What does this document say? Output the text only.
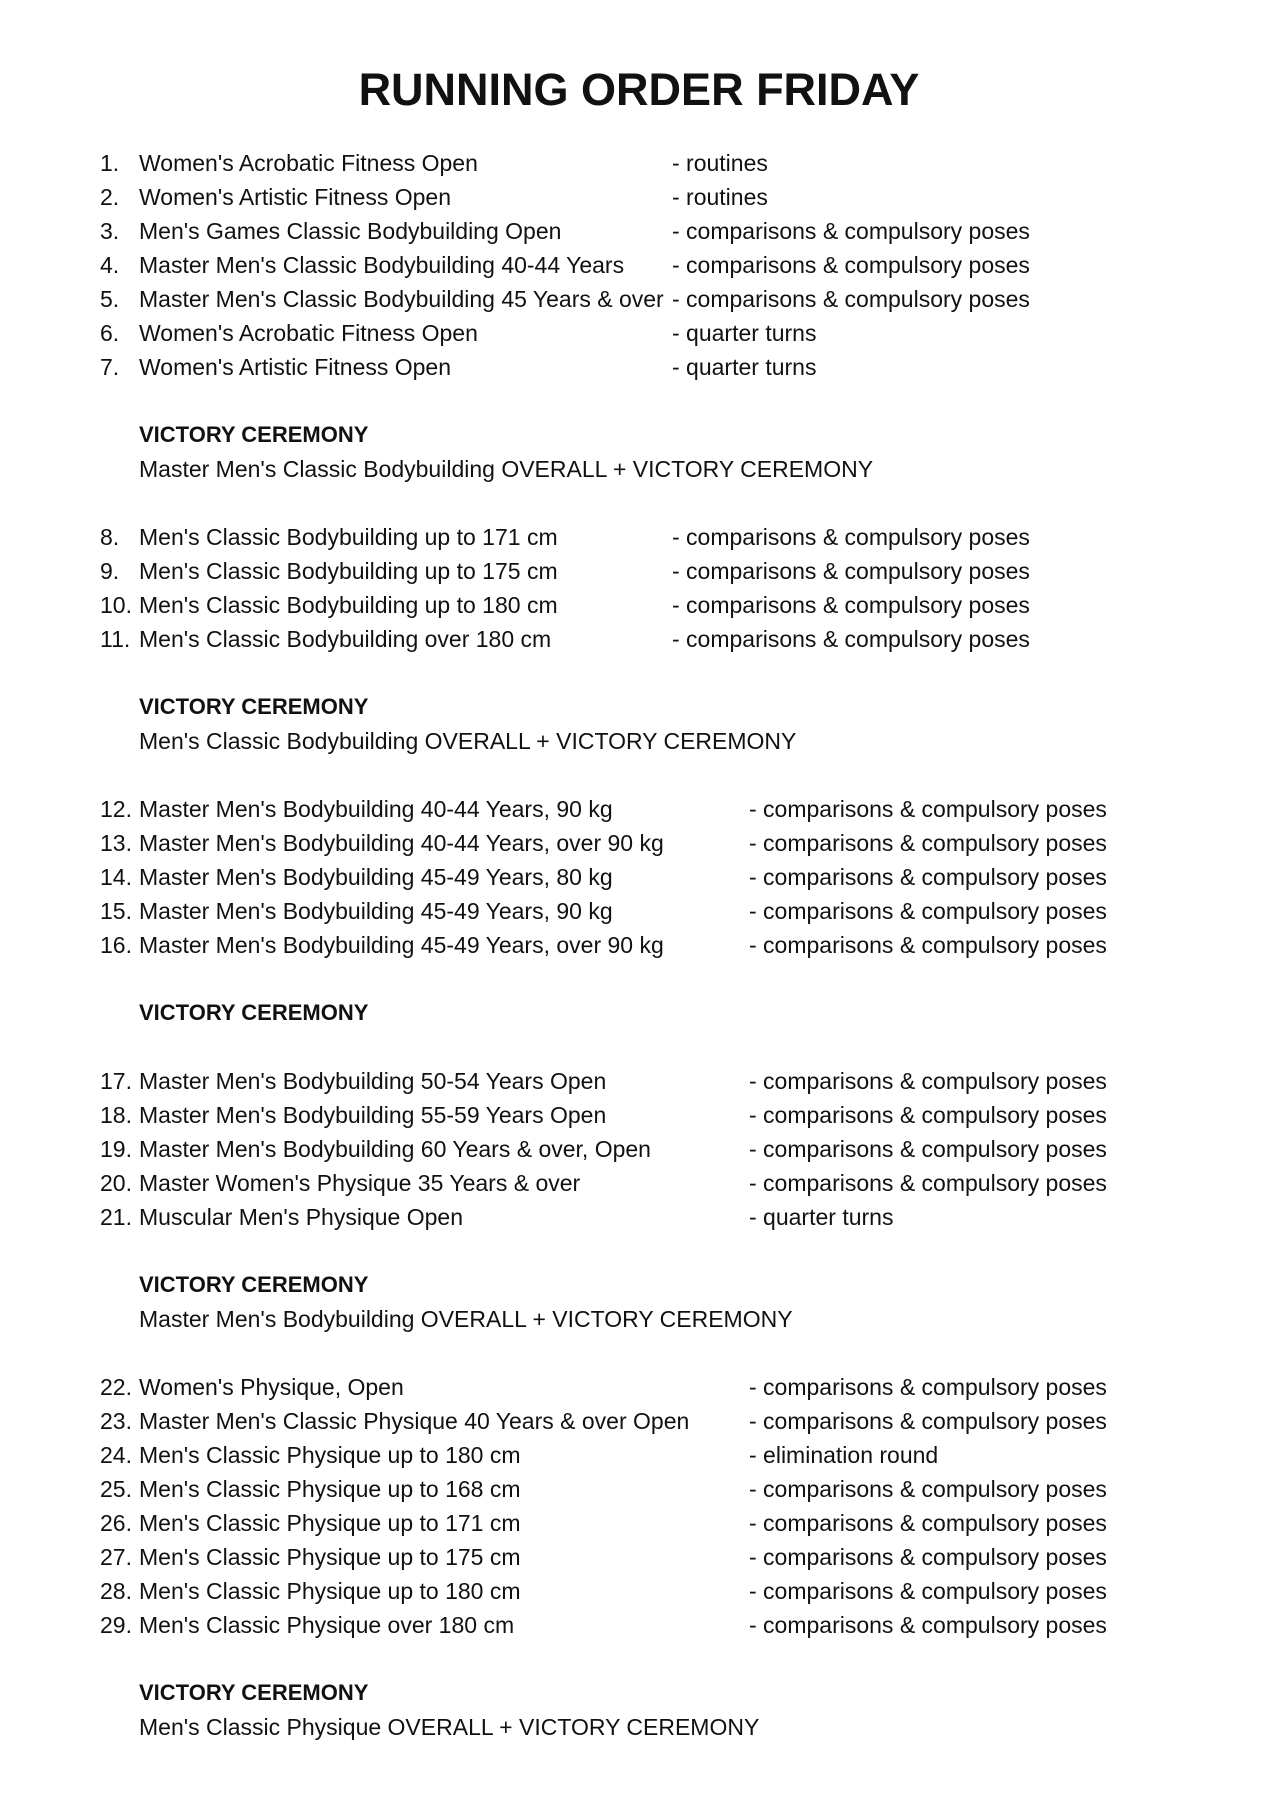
RUNNING ORDER FRIDAY
1. Women's Acrobatic Fitness Open	- routines
2. Women's Artistic Fitness Open	- routines
3. Men's Games Classic Bodybuilding Open	- comparisons & compulsory poses
4. Master Men's Classic Bodybuilding 40-44 Years - comparisons & compulsory poses
5. Master Men's Classic Bodybuilding 45 Years & over - comparisons & compulsory poses
6. Women's Acrobatic Fitness Open	- quarter turns
7. Women's Artistic Fitness Open	- quarter turns
VICTORY CEREMONY
Master Men's Classic Bodybuilding OVERALL + VICTORY CEREMONY
8. Men's Classic Bodybuilding up to 171 cm	- comparisons & compulsory poses
9. Men's Classic Bodybuilding up to 175 cm	- comparisons & compulsory poses
10. Men's Classic Bodybuilding up to 180 cm	- comparisons & compulsory poses
11. Men's Classic Bodybuilding over 180 cm	- comparisons & compulsory poses
VICTORY CEREMONY
Men's Classic Bodybuilding OVERALL + VICTORY CEREMONY
12. Master Men's Bodybuilding 40-44 Years, 90 kg	- comparisons & compulsory poses
13. Master Men's Bodybuilding 40-44 Years, over 90 kg	- comparisons & compulsory poses
14. Master Men's Bodybuilding 45-49 Years, 80 kg	- comparisons & compulsory poses
15. Master Men's Bodybuilding 45-49 Years, 90 kg	- comparisons & compulsory poses
16. Master Men's Bodybuilding 45-49 Years, over 90 kg	- comparisons & compulsory poses
VICTORY CEREMONY
17. Master Men's Bodybuilding 50-54 Years Open	- comparisons & compulsory poses
18. Master Men's Bodybuilding 55-59 Years Open	- comparisons & compulsory poses
19. Master Men's Bodybuilding 60 Years & over, Open	- comparisons & compulsory poses
20. Master Women's Physique 35 Years & over	- comparisons & compulsory poses
21. Muscular Men's Physique Open	- quarter turns
VICTORY CEREMONY
Master Men's Bodybuilding OVERALL + VICTORY CEREMONY
22. Women's Physique, Open	- comparisons & compulsory poses
23. Master Men's Classic Physique 40 Years & over Open	- comparisons & compulsory poses
24. Men's Classic Physique up to 180 cm	- elimination round
25. Men's Classic Physique up to 168 cm	- comparisons & compulsory poses
26. Men's Classic Physique up to 171 cm	- comparisons & compulsory poses
27. Men's Classic Physique up to 175 cm	- comparisons & compulsory poses
28. Men's Classic Physique up to 180 cm	- comparisons & compulsory poses
29. Men's Classic Physique over 180 cm	- comparisons & compulsory poses
VICTORY CEREMONY
Men's Classic Physique OVERALL + VICTORY CEREMONY
